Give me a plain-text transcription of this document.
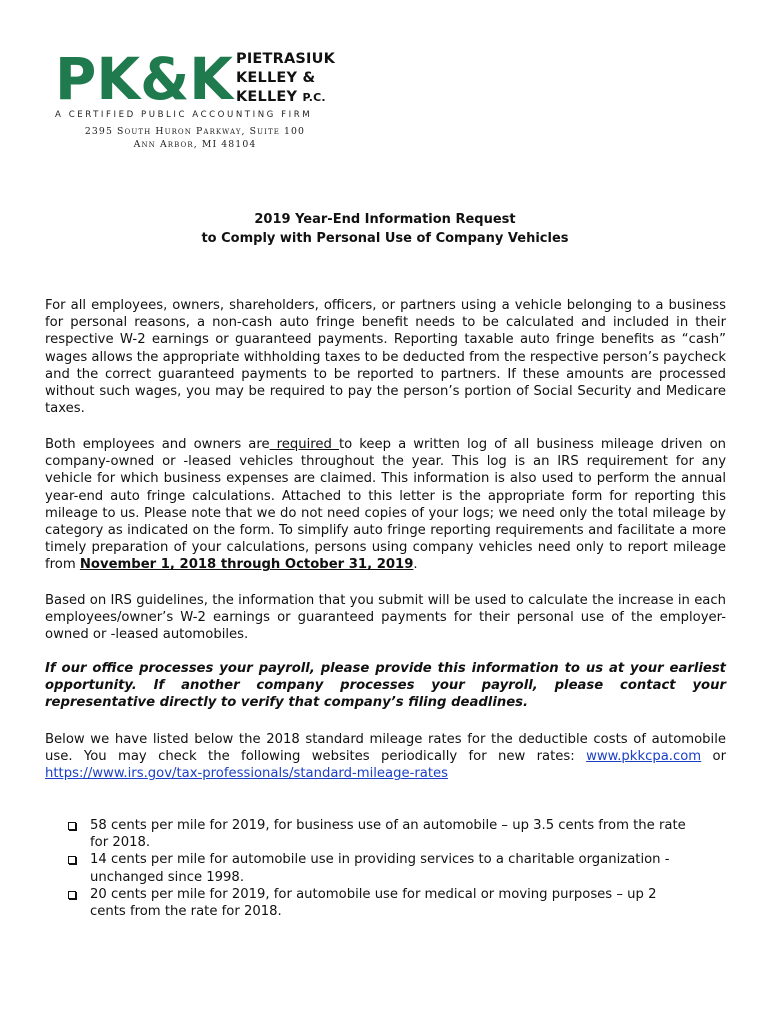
PK&K PIETRASIUK
KELLEY &
KELLEY P.C.
A CERTIFIED PUBLIC ACCOUNTING FIRM
2395 South Huron Parkway, Suite 100
Ann Arbor, MI 48104
2019 Year-End Information Request
to Comply with Personal Use of Company Vehicles

For all employees, owners, shareholders, officers, or partners using a vehicle belonging to a business for personal reasons, a non-cash auto fringe benefit needs to be calculated and included in their respective W-2 earnings or guaranteed payments. Reporting taxable auto fringe benefits as “cash” wages allows the appropriate withholding taxes to be deducted from the respective person’s paycheck and the correct guaranteed payments to be reported to partners. If these amounts are processed without such wages, you may be required to pay the person’s portion of Social Security and Medicare taxes.

Both employees and owners are required to keep a written log of all business mileage driven on company-owned or -leased vehicles throughout the year. This log is an IRS requirement for any vehicle for which business expenses are claimed. This information is also used to perform the annual year-end auto fringe calculations. Attached to this letter is the appropriate form for reporting this mileage to us. Please note that we do not need copies of your logs; we need only the total mileage by category as indicated on the form. To simplify auto fringe reporting requirements and facilitate a more timely preparation of your calculations, persons using company vehicles need only to report mileage from November 1, 2018 through October 31, 2019.

Based on IRS guidelines, the information that you submit will be used to calculate the increase in each employees/owner’s W-2 earnings or guaranteed payments for their personal use of the employer-owned or -leased automobiles.

If our office processes your payroll, please provide this information to us at your earliest opportunity. If another company processes your payroll, please contact your representative directly to verify that company’s filing deadlines.

Below we have listed below the 2018 standard mileage rates for the deductible costs of automobile use. You may check the following websites periodically for new rates: www.pkkcpa.com or https://www.irs.gov/tax-professionals/standard-mileage-rates

58 cents per mile for 2019, for business use of an automobile – up 3.5 cents from the rate for 2018.
14 cents per mile for automobile use in providing services to a charitable organization - unchanged since 1998.
20 cents per mile for 2019, for automobile use for medical or moving purposes – up 2 cents from the rate for 2018.
